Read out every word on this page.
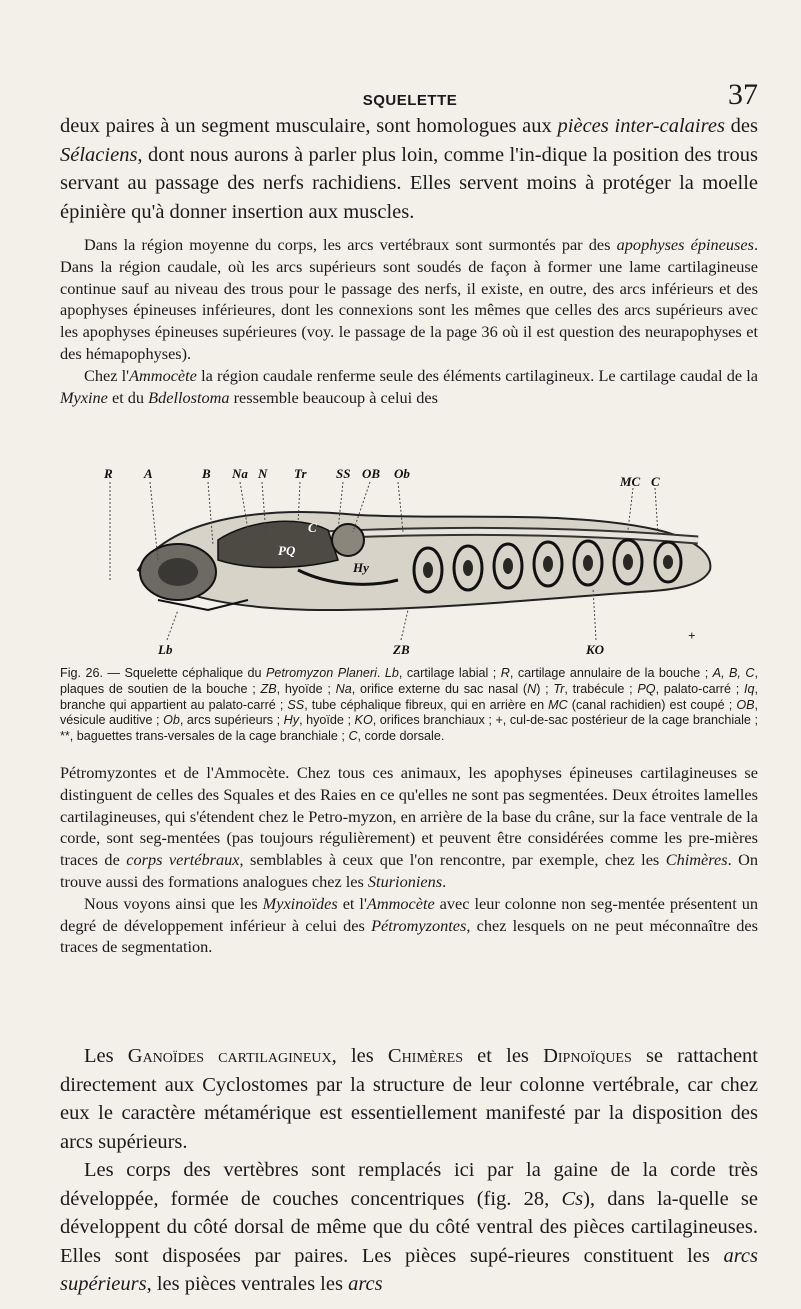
SQUELETTE	37

deux paires à un segment musculaire, sont homologues aux pièces inter-calaires des Sélaciens, dont nous aurons à parler plus loin, comme l'in-dique la position des trous servant au passage des nerfs rachidiens. Elles servent moins à protéger la moelle épinière qu'à donner insertion aux muscles.

Dans la région moyenne du corps, les arcs vertébraux sont surmontés par des apophyses épineuses. Dans la région caudale, où les arcs supérieurs sont soudés de façon à former une lame cartilagineuse continue sauf au niveau des trous pour le passage des nerfs, il existe, en outre, des arcs inférieurs et des apophyses épineuses inférieures, dont les connexions sont les mêmes que celles des arcs supérieurs avec les apophyses épineuses supérieures (voy. le passage de la page 36 où il est question des neurapophyses et des hémapophyses).

Chez l'Ammocète la région caudale renferme seule des éléments cartilagineux. Le cartilage caudal de la Myxine et du Bdellostoma ressemble beaucoup à celui des

R A	B Na N Tr SS OB Ob
MC C
C
PQ
Hy
Lb	ZB	KO
+

Fig. 26. — Squelette céphalique du Petromyzon Planeri. Lb, cartilage labial ; R, cartilage annulaire de la bouche ; A, B, C, plaques de soutien de la bouche ; ZB, hyoïde ; Na, orifice externe du sac nasal (N) ; Tr, trabécule ; PQ, palato-carré ; Iq, branche qui appartient au palato-carré ; SS, tube céphalique fibreux, qui en arrière en MC (canal rachidien) est coupé ; OB, vésicule auditive ; Ob, arcs supérieurs ; Hy, hyoïde ; KO, orifices branchiaux ; +, cul-de-sac postérieur de la cage branchiale ; **, baguettes trans-versales de la cage branchiale ; C, corde dorsale.

Pétromyzontes et de l'Ammocète. Chez tous ces animaux, les apophyses épineuses cartilagineuses se distinguent de celles des Squales et des Raies en ce qu'elles ne sont pas segmentées. Deux étroites lamelles cartilagineuses, qui s'étendent chez le Petro-myzon, en arrière de la base du crâne, sur la face ventrale de la corde, sont seg-mentées (pas toujours régulièrement) et peuvent être considérées comme les pre-mières traces de corps vertébraux, semblables à ceux que l'on rencontre, par exemple, chez les Chimères. On trouve aussi des formations analogues chez les Sturioniens.

Nous voyons ainsi que les Myxinoïdes et l'Ammocète avec leur colonne non seg-mentée présentent un degré de développement inférieur à celui des Pétromyzontes, chez lesquels on ne peut méconnaître des traces de segmentation.

Les Ganoïdes cartilagineux, les Chimères et les Dipnoïques se rattachent directement aux Cyclostomes par la structure de leur colonne vertébrale, car chez eux le caractère métamérique est essentiellement manifesté par la disposition des arcs supérieurs.

Les corps des vertèbres sont remplacés ici par la gaine de la corde très développée, formée de couches concentriques (fig. 28, Cs), dans la-quelle se développent du côté dorsal de même que du côté ventral des pièces cartilagineuses. Elles sont disposées par paires. Les pièces supé-rieures constituent les arcs supérieurs, les pièces ventrales les arcs
